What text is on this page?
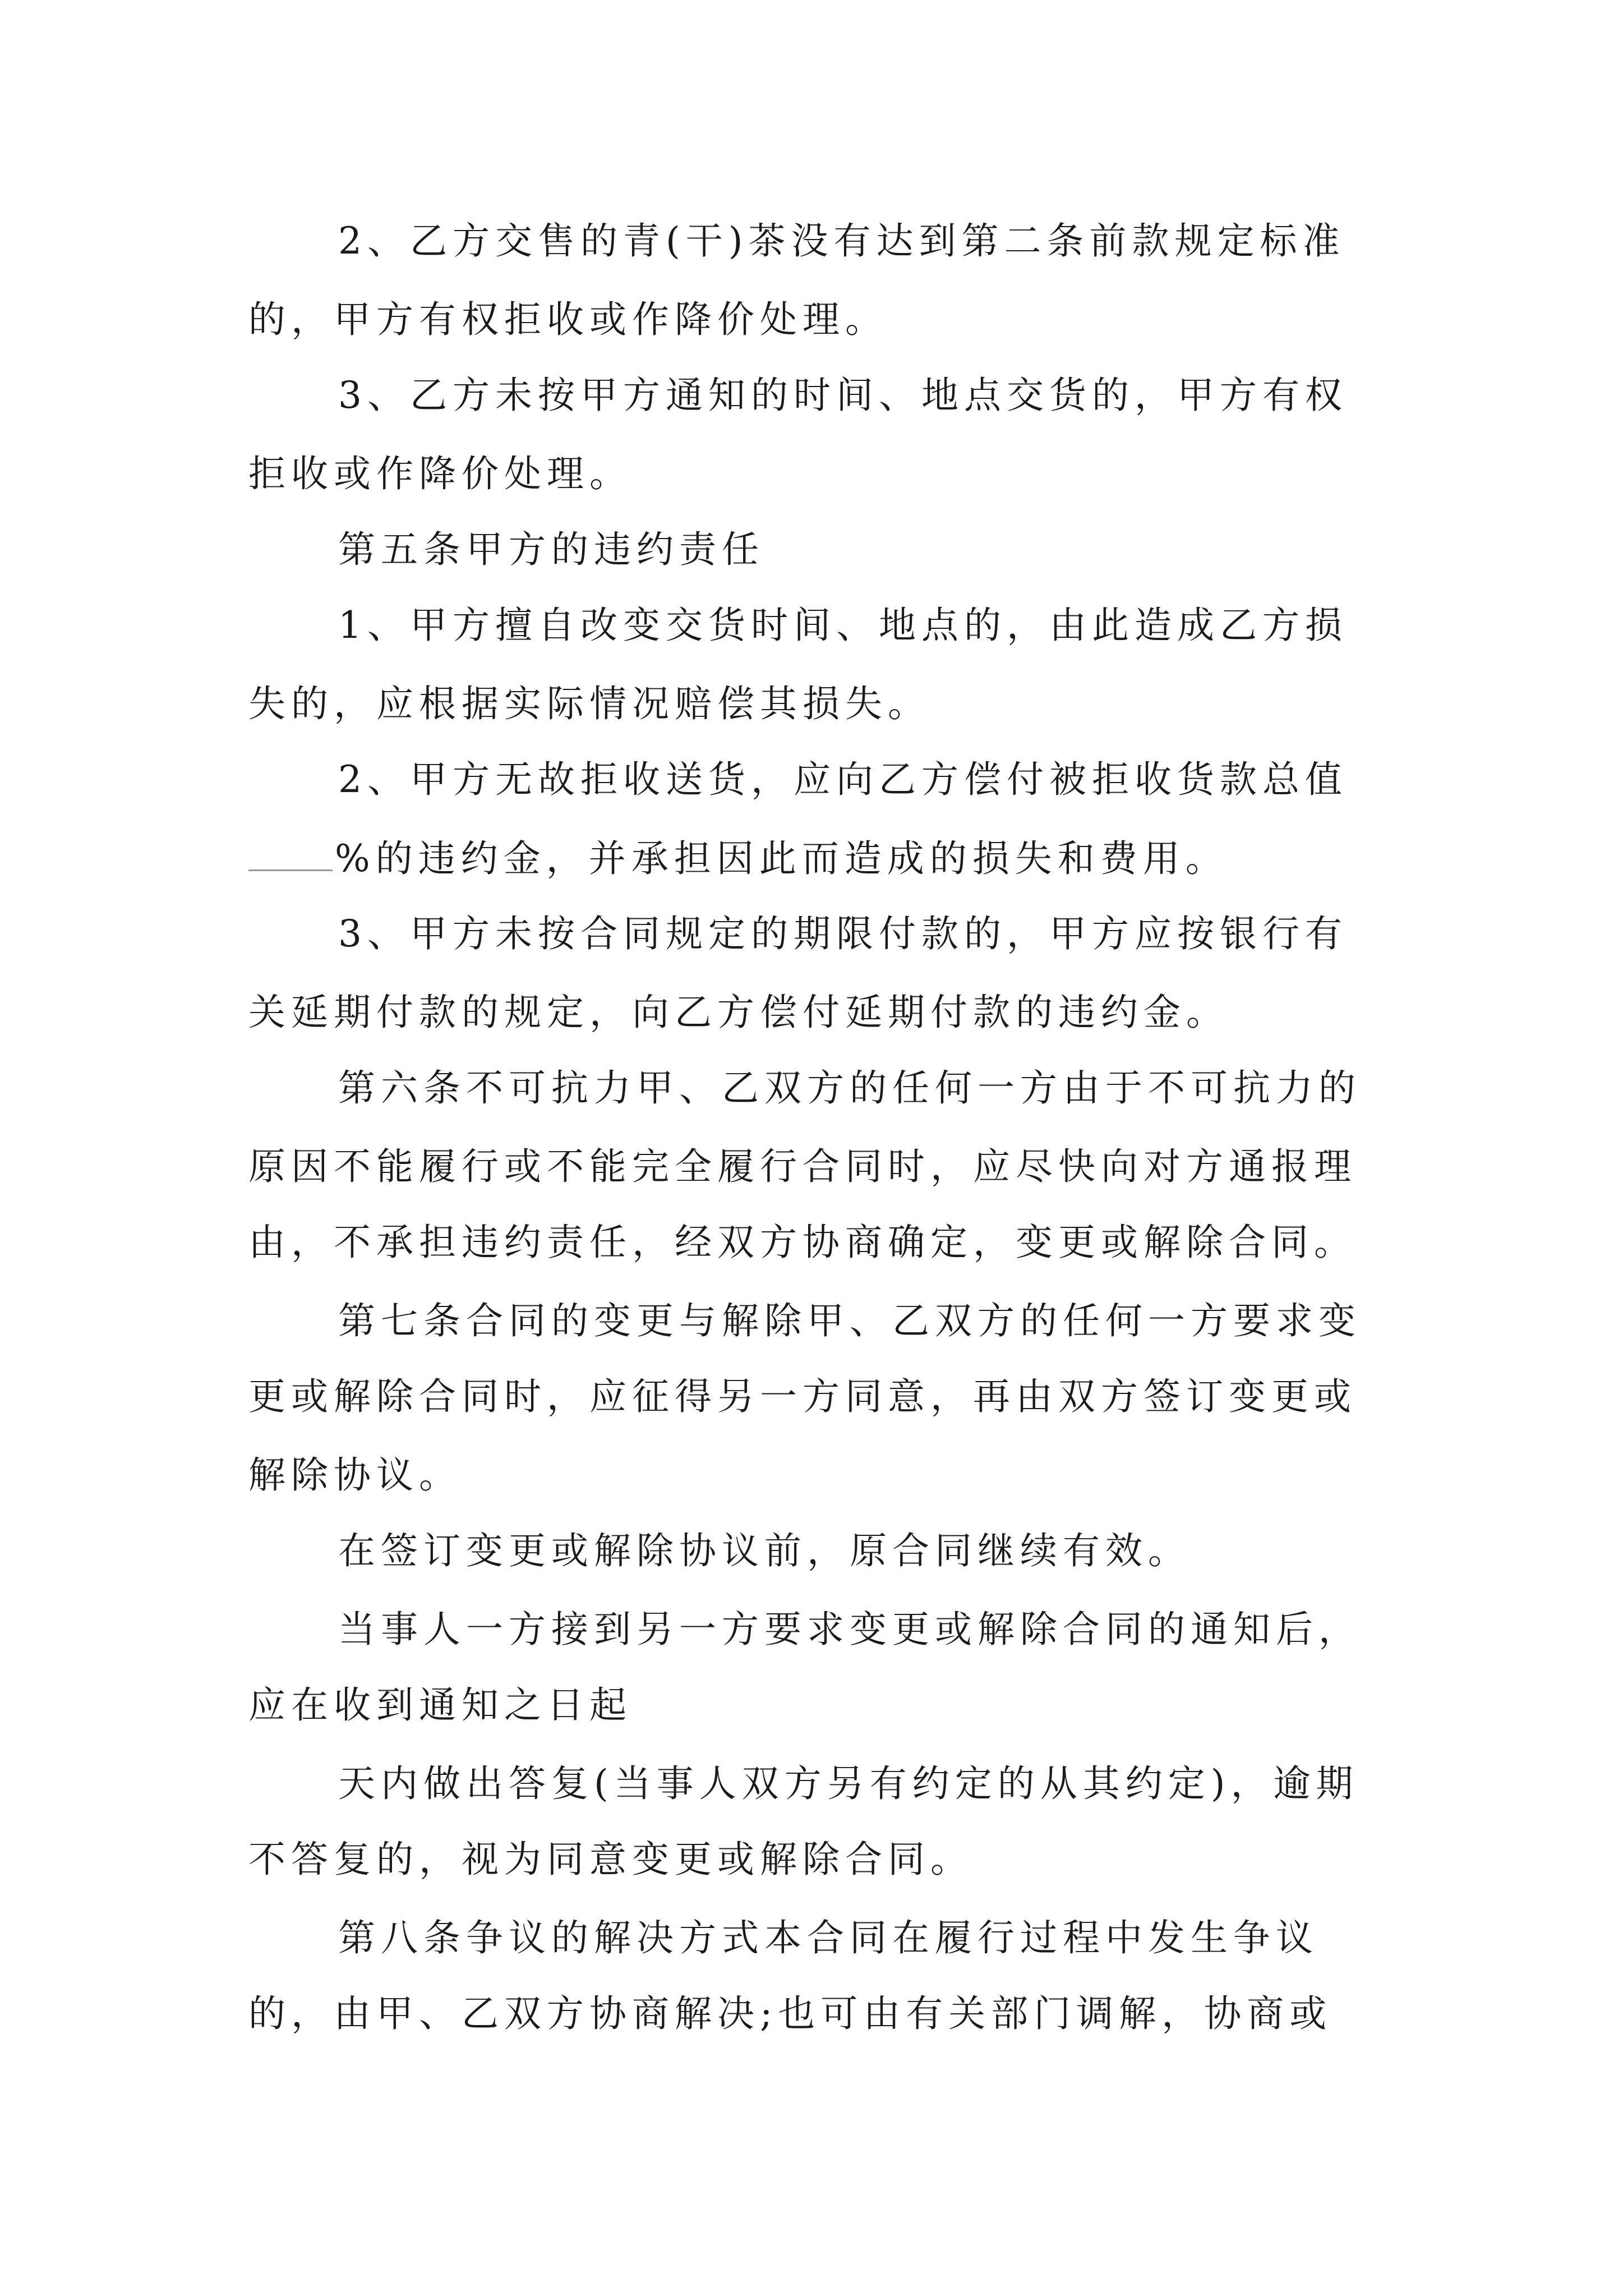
2、乙方交售的青(干)茶没有达到第二条前款规定标准
的，甲方有权拒收或作降价处理。
3、乙方未按甲方通知的时间、地点交货的，甲方有权
拒收或作降价处理。
第五条甲方的违约责任
1、甲方擅自改变交货时间、地点的，由此造成乙方损
失的，应根据实际情况赔偿其损失。
2、甲方无故拒收送货，应向乙方偿付被拒收货款总值
%的违约金，并承担因此而造成的损失和费用。
3、甲方未按合同规定的期限付款的，甲方应按银行有
关延期付款的规定，向乙方偿付延期付款的违约金。
第六条不可抗力甲、乙双方的任何一方由于不可抗力的
原因不能履行或不能完全履行合同时，应尽快向对方通报理
由，不承担违约责任，经双方协商确定，变更或解除合同。
第七条合同的变更与解除甲、乙双方的任何一方要求变
更或解除合同时，应征得另一方同意，再由双方签订变更或
解除协议。
在签订变更或解除协议前，原合同继续有效。
当事人一方接到另一方要求变更或解除合同的通知后，
应在收到通知之日起
天内做出答复(当事人双方另有约定的从其约定)，逾期
不答复的，视为同意变更或解除合同。
第八条争议的解决方式本合同在履行过程中发生争议
的，由甲、乙双方协商解决;也可由有关部门调解，协商或
